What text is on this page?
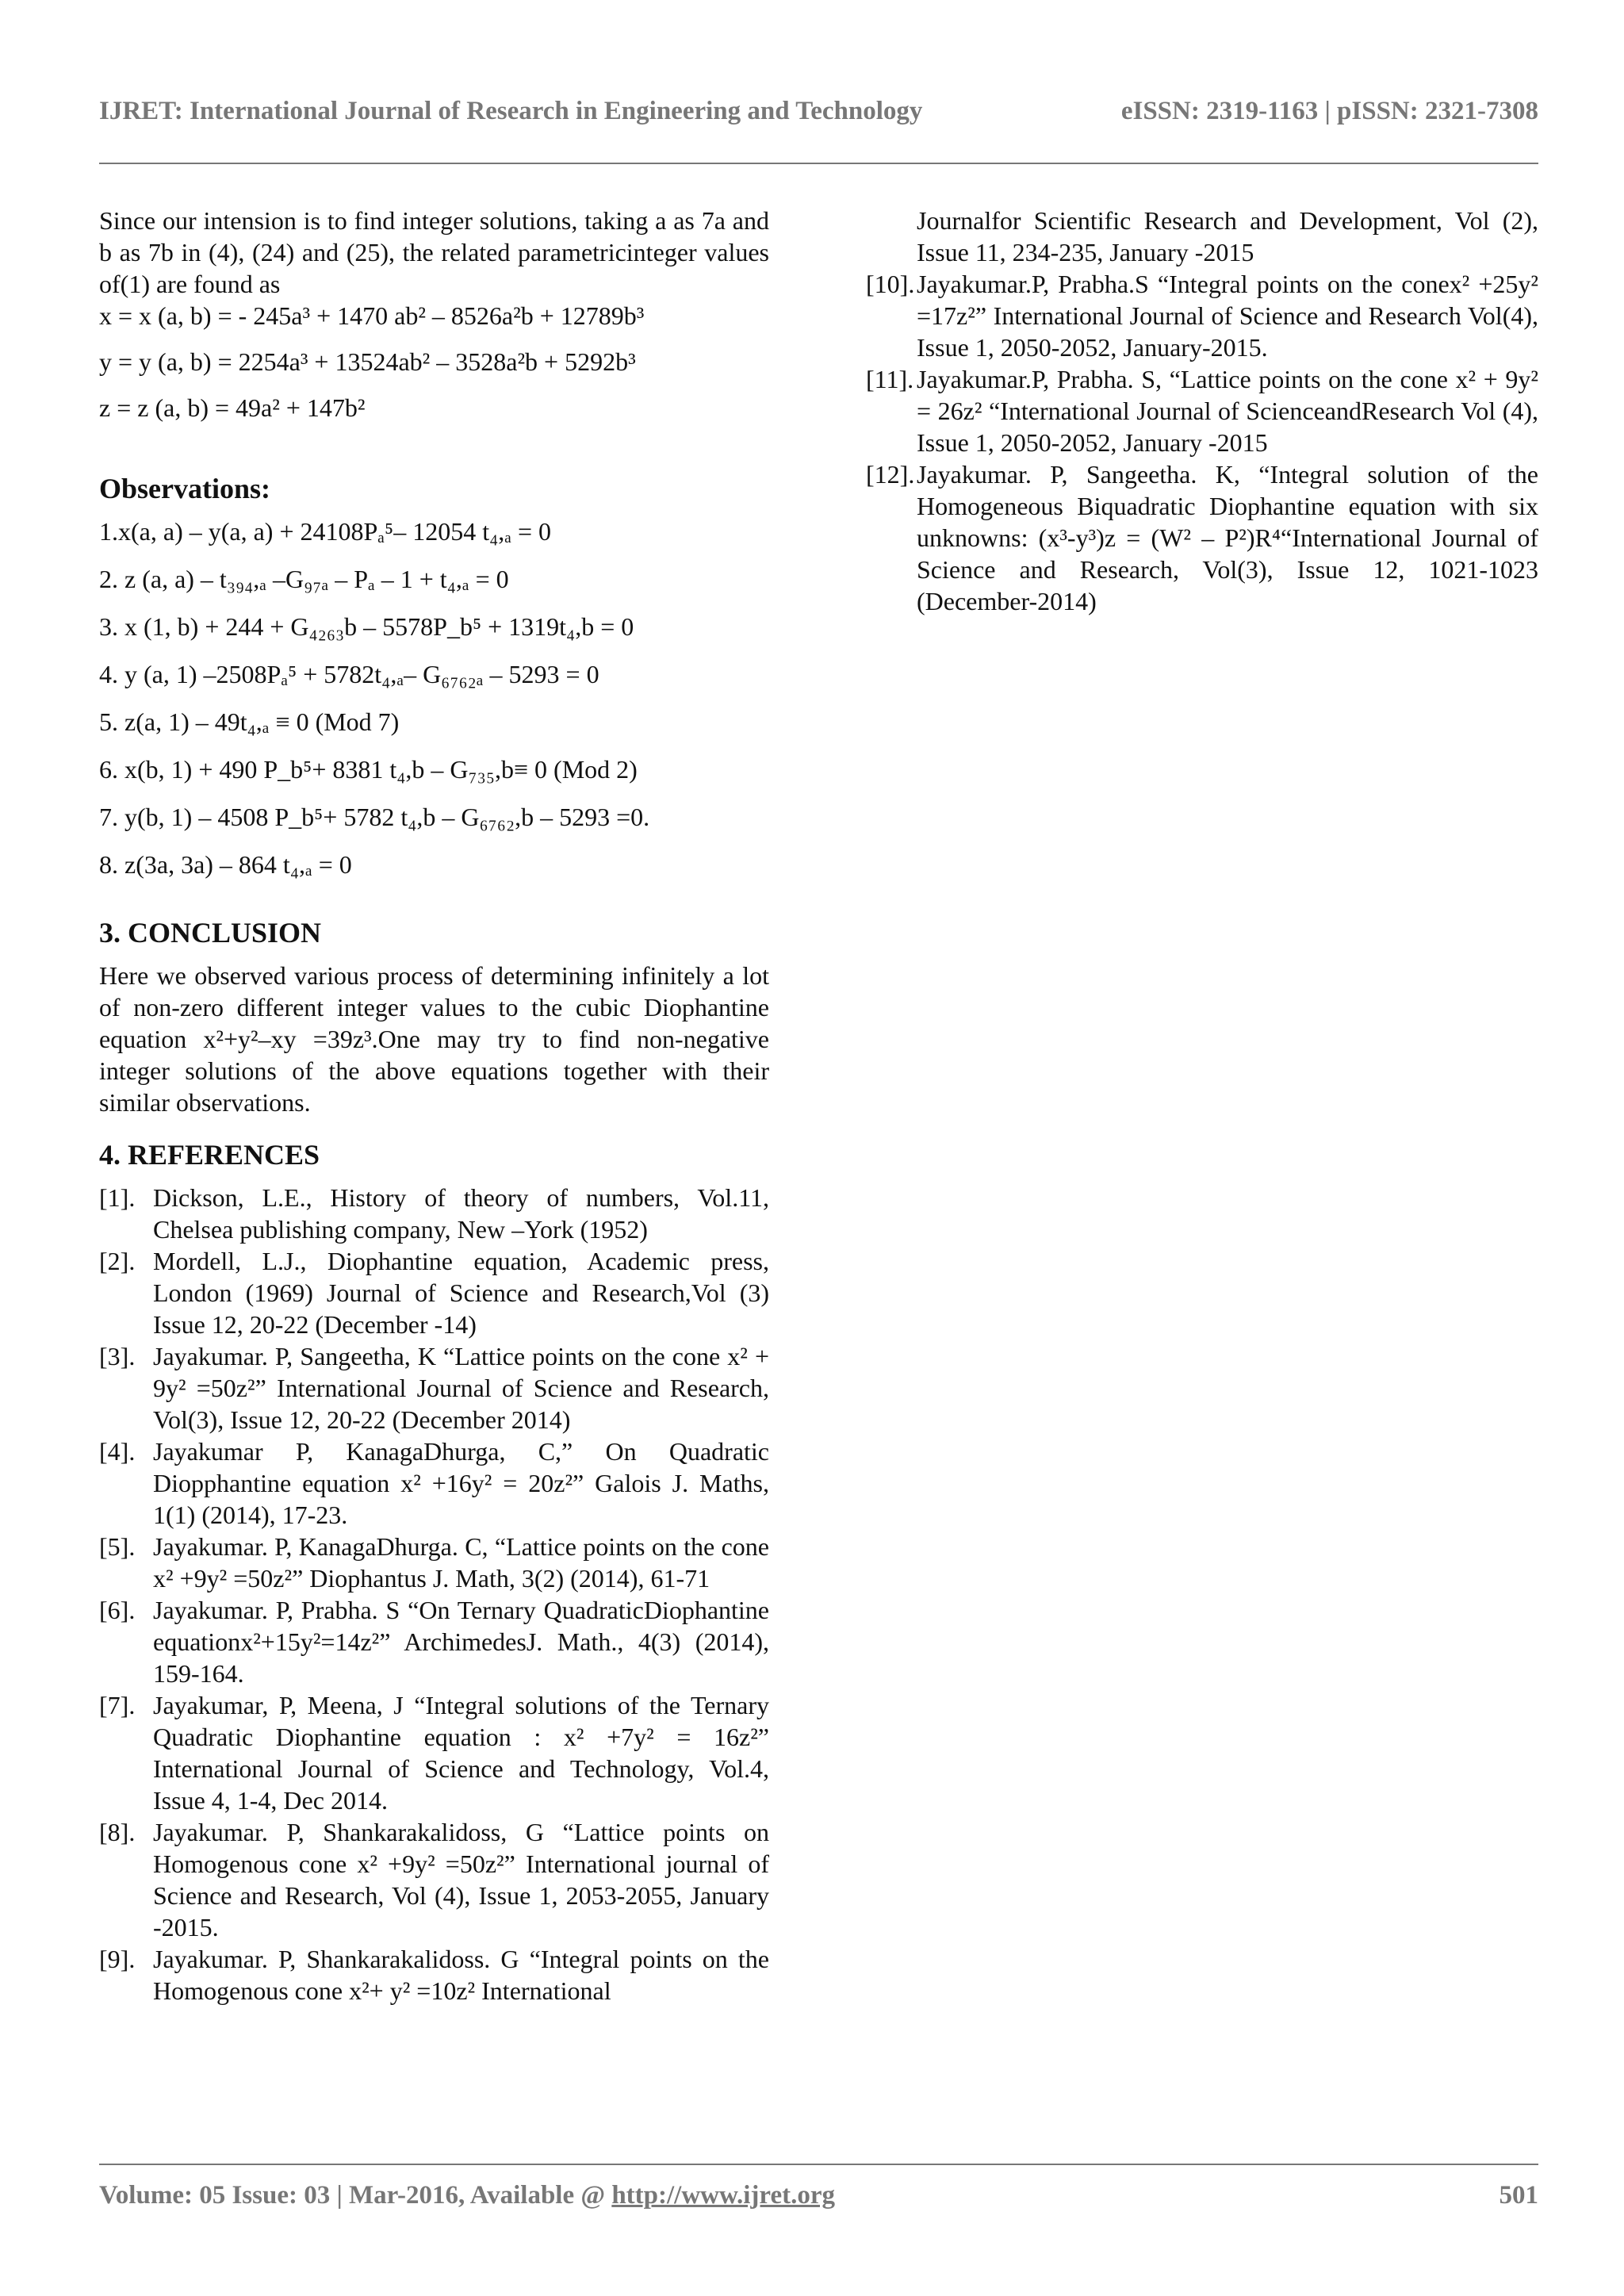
IJRET: International Journal of Research in Engineering and Technology	eISSN: 2319-1163 | pISSN: 2321-7308

Since our intension is to find integer solutions, taking a as 7a and b as 7b in (4), (24) and (25), the related parametricinteger values of(1) are found as

x = x (a, b) = - 245a³ + 1470 ab² – 8526a²b + 12789b³

y = y (a, b) = 2254a³ + 13524ab² – 3528a²b + 5292b³

z = z (a, b) = 49a² + 147b²

Observations:

1.x(a, a) – y(a, a) + 24108Pₐ⁵– 12054 t₄,ₐ = 0

2. z (a, a) – t₃₉₄,ₐ –G₉₇ₐ – Pₐ – 1 + t₄,ₐ = 0

3. x (1, b) + 244 + G₄₂₆₃b – 5578P_b⁵ + 1319t₄,b = 0

4. y (a, 1) –2508Pₐ⁵ + 5782t₄,ₐ– G₆₇₆₂ₐ – 5293 = 0

5. z(a, 1) – 49t₄,ₐ ≡ 0 (Mod 7)

6. x(b, 1) + 490 P_b⁵+ 8381 t₄,b – G₇₃₅,b≡ 0 (Mod 2)

7. y(b, 1) – 4508 P_b⁵+ 5782 t₄,b – G₆₇₆₂,b – 5293 =0.

8. z(3a, 3a) – 864 t₄,ₐ = 0

3. CONCLUSION

Here we observed various process of determining infinitely a lot of non-zero different integer values to the cubic Diophantine equation x²+y²–xy =39z³.One may try to find non-negative integer solutions of the above equations together with their similar observations.

4. REFERENCES
[1]. Dickson, L.E., History of theory of numbers, Vol.11, Chelsea publishing company, New –York (1952)
[2]. Mordell, L.J., Diophantine equation, Academic press, London (1969) Journal of Science and Research,Vol (3) Issue 12, 20-22 (December -14)
[3]. Jayakumar. P, Sangeetha, K “Lattice points on the cone x² + 9y² =50z²” International Journal of Science and Research, Vol(3), Issue 12, 20-22 (December 2014)
[4]. Jayakumar P, KanagaDhurga, C,” On Quadratic Diopphantine equation x² +16y² = 20z²” Galois J. Maths, 1(1) (2014), 17-23.
[5]. Jayakumar. P, KanagaDhurga. C, “Lattice points on the cone x² +9y² =50z²” Diophantus J. Math, 3(2) (2014), 61-71
[6]. Jayakumar. P, Prabha. S “On Ternary QuadraticDiophantine equationx²+15y²=14z²” ArchimedesJ. Math., 4(3) (2014), 159-164.
[7]. Jayakumar, P, Meena, J “Integral solutions of the Ternary Quadratic Diophantine equation : x² +7y² = 16z²” International Journal of Science and Technology, Vol.4, Issue 4, 1-4, Dec 2014.
[8]. Jayakumar. P, Shankarakalidoss, G “Lattice points on Homogenous cone x² +9y² =50z²” International journal of Science and Research, Vol (4), Issue 1, 2053-2055, January -2015.
[9]. Jayakumar. P, Shankarakalidoss. G “Integral points on the Homogenous cone x²+ y² =10z² International

Journalfor Scientific Research and Development, Vol (2), Issue 11, 234-235, January -2015

[10]. Jayakumar.P, Prabha.S “Integral points on the conex² +25y² =17z²” International Journal of Science and Research Vol(4), Issue 1, 2050-2052, January-2015.
[11]. Jayakumar.P, Prabha. S, “Lattice points on the cone x² + 9y² = 26z² “International Journal of ScienceandResearch Vol (4), Issue 1, 2050-2052, January -2015
[12]. Jayakumar. P, Sangeetha. K, “Integral solution of the Homogeneous Biquadratic Diophantine equation with six unknowns: (x³-y³)z = (W² – P²)R⁴“International Journal of Science and Research, Vol(3), Issue 12, 1021-1023 (December-2014)
Volume: 05 Issue: 03 | Mar-2016, Available @ http://www.ijret.org	501
